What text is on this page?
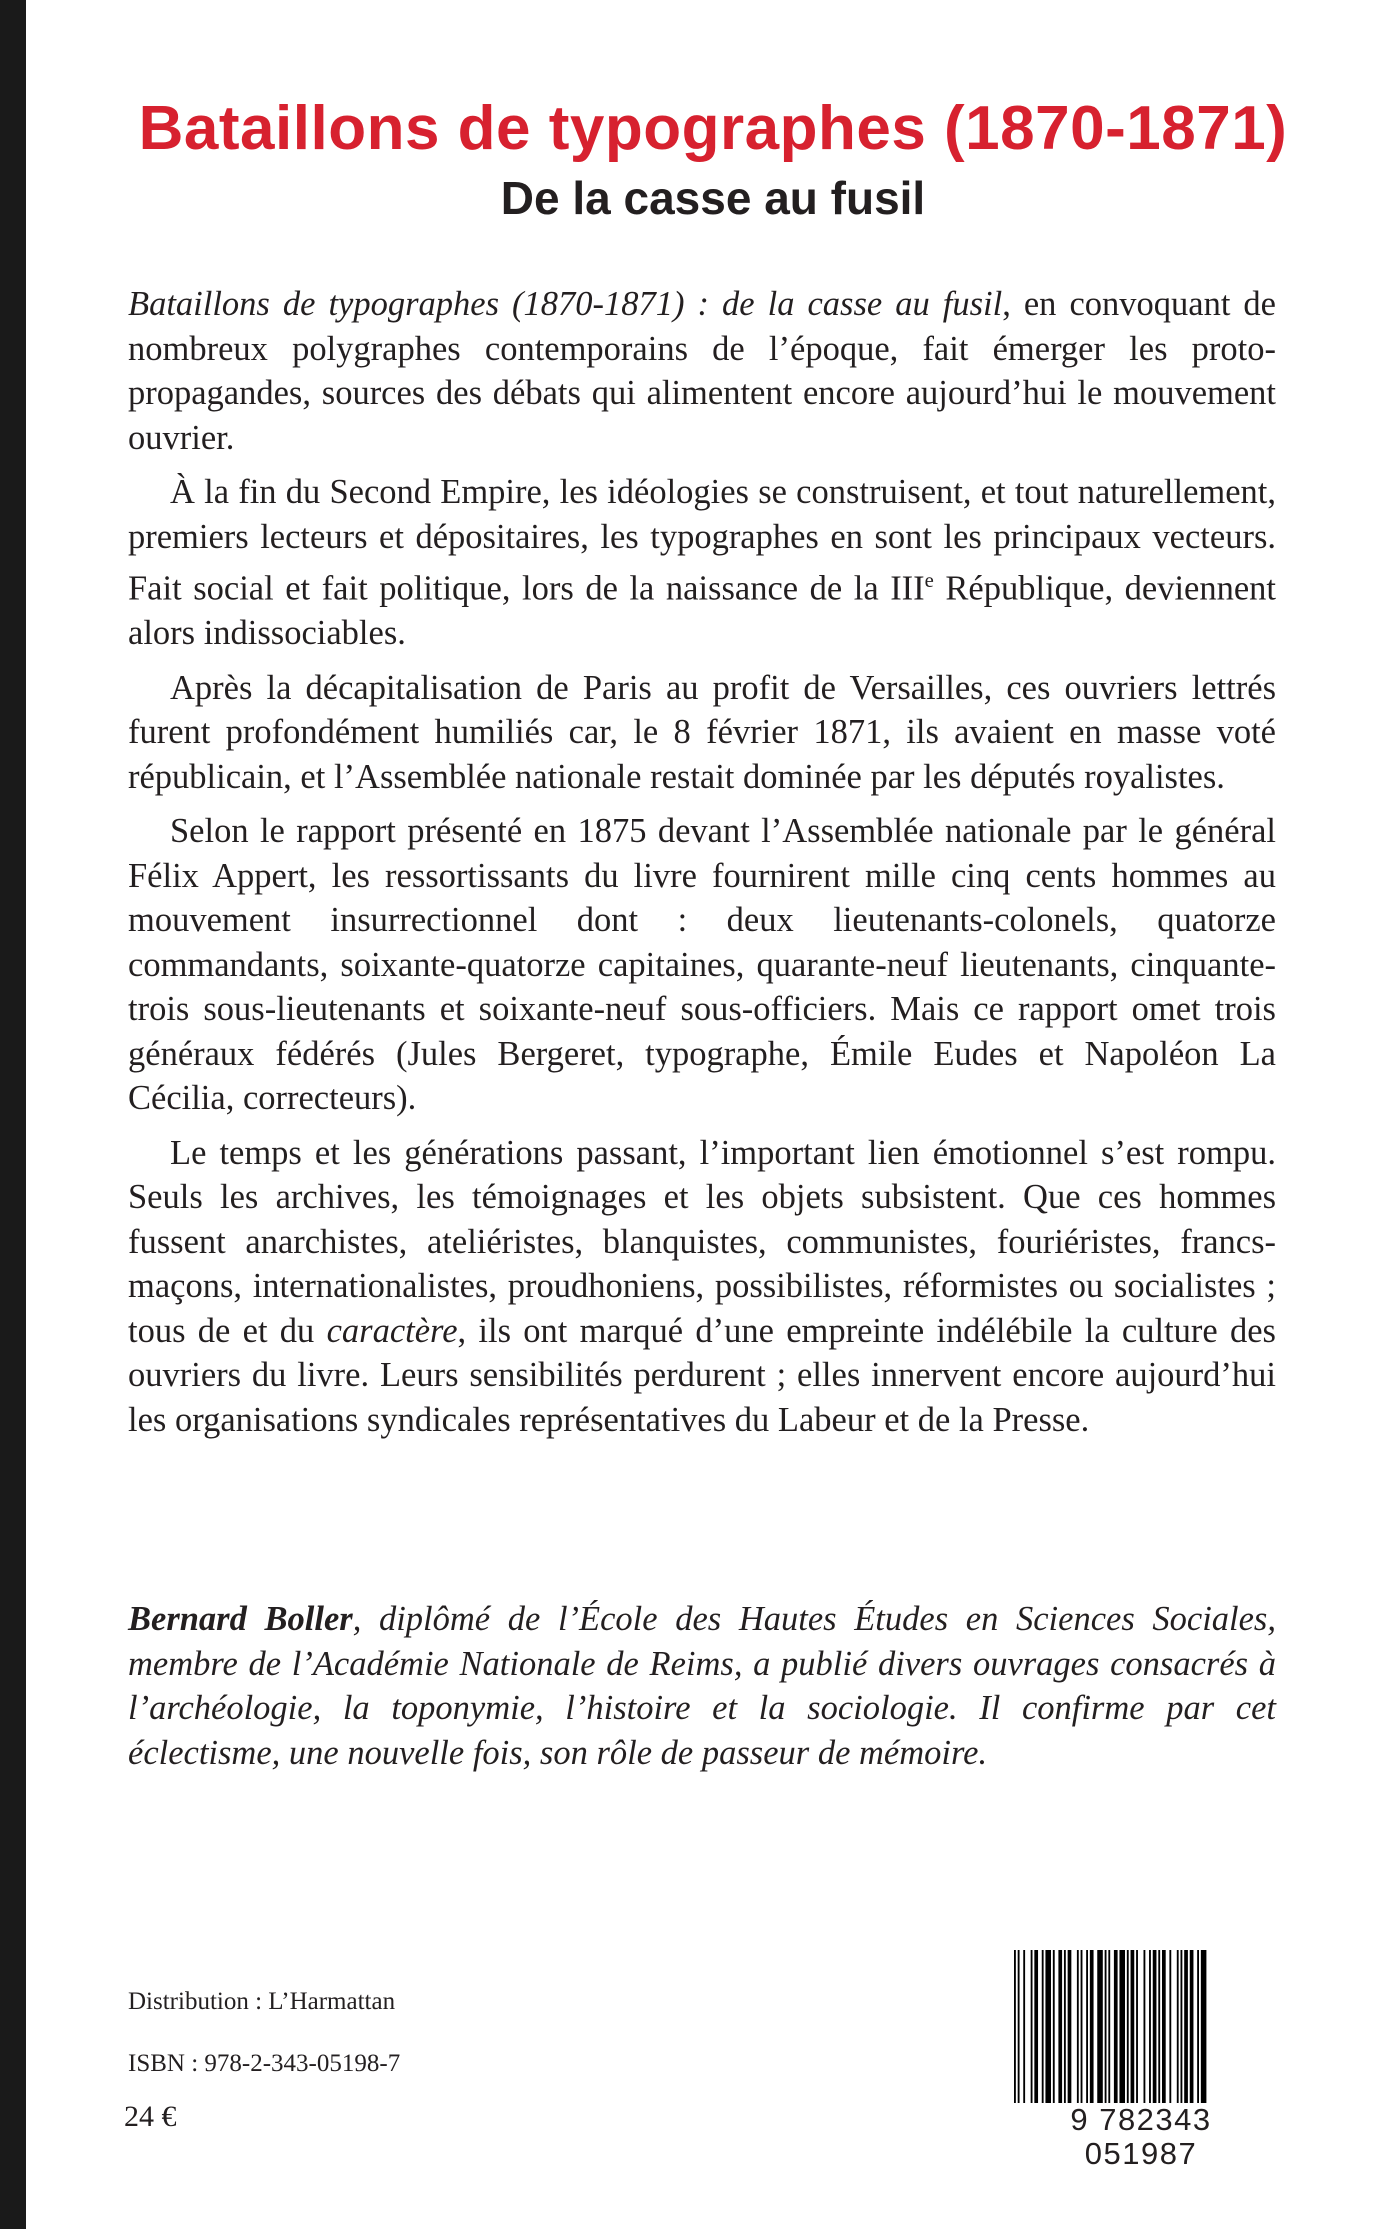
Bataillons de typographes (1870-1871)
De la casse au fusil

Bataillons de typographes (1870-1871) : de la casse au fusil, en convoquant de nombreux polygraphes contemporains de l’époque, fait émerger les proto-propagandes, sources des débats qui alimentent encore aujourd’hui le mouvement ouvrier.

À la fin du Second Empire, les idéologies se construisent, et tout naturellement, premiers lecteurs et dépositaires, les typographes en sont les principaux vecteurs. Fait social et fait politique, lors de la naissance de la IIIe République, deviennent alors indissociables.

Après la décapitalisation de Paris au profit de Versailles, ces ouvriers lettrés furent profondément humiliés car, le 8 février 1871, ils avaient en masse voté républicain, et l’Assemblée nationale restait dominée par les députés royalistes.

Selon le rapport présenté en 1875 devant l’Assemblée nationale par le général Félix Appert, les ressortissants du livre fournirent mille cinq cents hommes au mouvement insurrectionnel dont : deux lieutenants-colonels, quatorze commandants, soixante-quatorze capitaines, quarante-neuf lieutenants, cinquante-trois sous-lieutenants et soixante-neuf sous-officiers. Mais ce rapport omet trois généraux fédérés (Jules Bergeret, typographe, Émile Eudes et Napoléon La Cécilia, correcteurs).

Le temps et les générations passant, l’important lien émotionnel s’est rompu. Seuls les archives, les témoignages et les objets subsistent. Que ces hommes fussent anarchistes, ateliéristes, blanquistes, communistes, fouriéristes, francs-maçons, internationalistes, proudhoniens, possibilistes, réformistes ou socialistes ; tous de et du caractère, ils ont marqué d’une empreinte indélébile la culture des ouvriers du livre. Leurs sensibilités perdurent ; elles innervent encore aujourd’hui les organisations syndicales représentatives du Labeur et de la Presse.

Bernard Boller, diplômé de l’École des Hautes Études en Sciences Sociales, membre de l’Académie Nationale de Reims, a publié divers ouvrages consacrés à l’archéologie, la toponymie, l’histoire et la sociologie. Il confirme par cet éclectisme, une nouvelle fois, son rôle de passeur de mémoire.
Distribution : L’Harmattan
ISBN : 978-2-343-05198-7
24 €	9 782343 051987
